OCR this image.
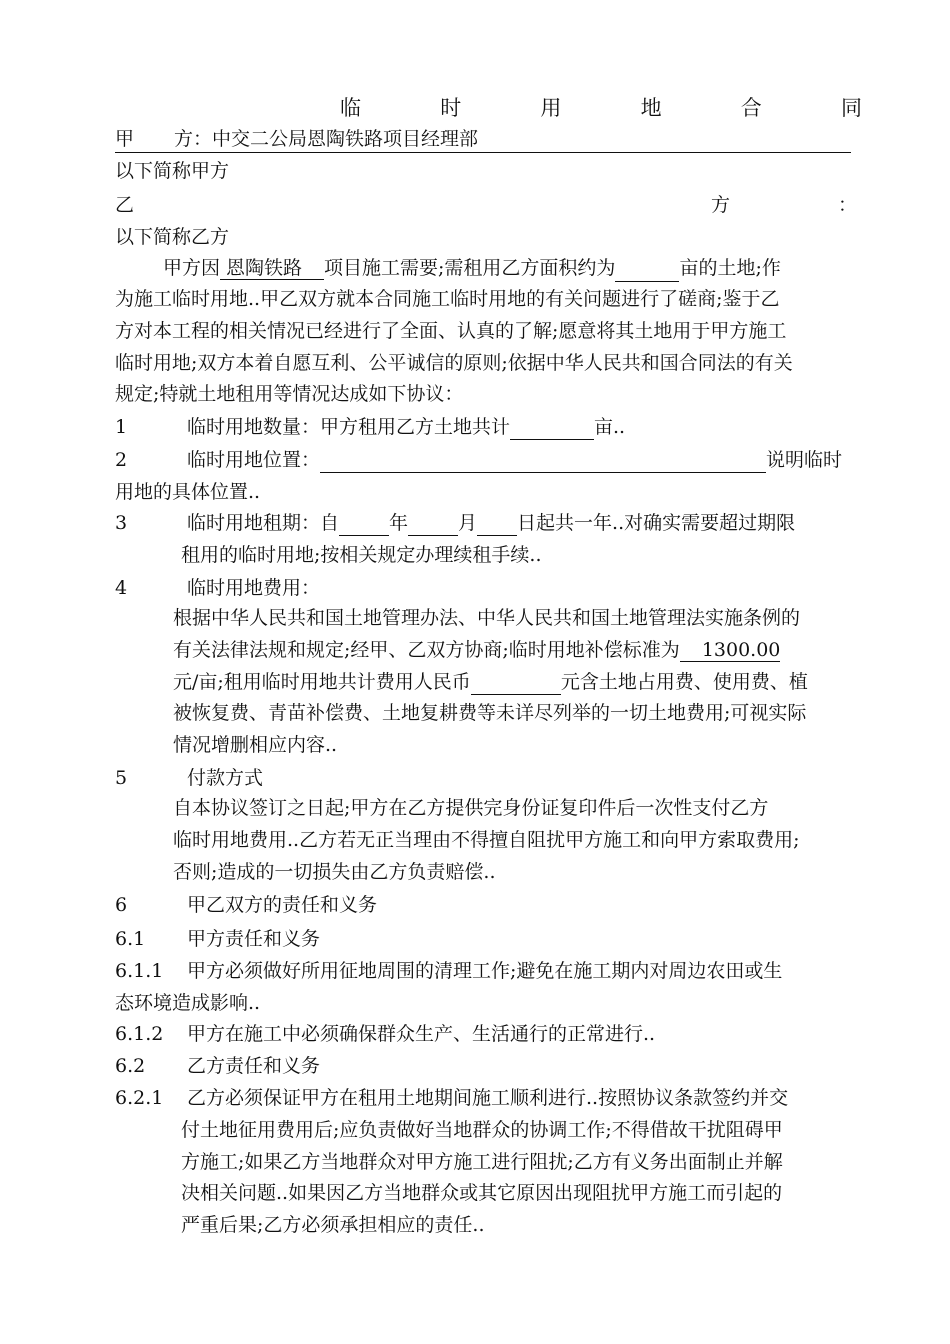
临	时	用	地	合	同
甲 方：中交二公局恩陶铁路项目经理部
以下简称甲方
乙	方	：
以下简称乙方
甲方因 恩陶铁路 项目施工需要;需租用乙方面积约为	亩的土地;作
为施工临时用地..甲乙双方就本合同施工临时用地的有关问题进行了磋商;鉴于乙
方对本工程的相关情况已经进行了全面、认真的了解;愿意将其土地用于甲方施工
临时用地;双方本着自愿互利、公平诚信的原则;依据中华人民共和国合同法的有关
规定;特就土地租用等情况达成如下协议：
1	临时用地数量：甲方租用乙方土地共计	亩..
2	临时用地位置：	说明临时
用地的具体位置..
3	临时用地租期：自	年	月 日起共一年..对确实需要超过期限
租用的临时用地;按相关规定办理续租手续..
4	临时用地费用：
根据中华人民共和国土地管理办法、中华人民共和国土地管理法实施条例的
有关法律法规和规定;经甲、乙双方协商;临时用地补偿标准为 1300.00
元/亩;租用临时用地共计费用人民币	元含土地占用费、使用费、植
被恢复费、青苗补偿费、土地复耕费等未详尽列举的一切土地费用;可视实际
情况增删相应内容..
5	付款方式
自本协议签订之日起;甲方在乙方提供完身份证复印件后一次性支付乙方
临时用地费用..乙方若无正当理由不得擅自阻扰甲方施工和向甲方索取费用;
否则;造成的一切损失由乙方负责赔偿..
6	甲乙双方的责任和义务
6.1 甲方责任和义务
6.1.1 甲方必须做好所用征地周围的清理工作;避免在施工期内对周边农田或生
态环境造成影响..
6.1.2 甲方在施工中必须确保群众生产、生活通行的正常进行..
6.2 乙方责任和义务
6.2.1 乙方必须保证甲方在租用土地期间施工顺利进行..按照协议条款签约并交
付土地征用费用后;应负责做好当地群众的协调工作;不得借故干扰阻碍甲
方施工;如果乙方当地群众对甲方施工进行阻扰;乙方有义务出面制止并解
决相关问题..如果因乙方当地群众或其它原因出现阻扰甲方施工而引起的
严重后果;乙方必须承担相应的责任..
